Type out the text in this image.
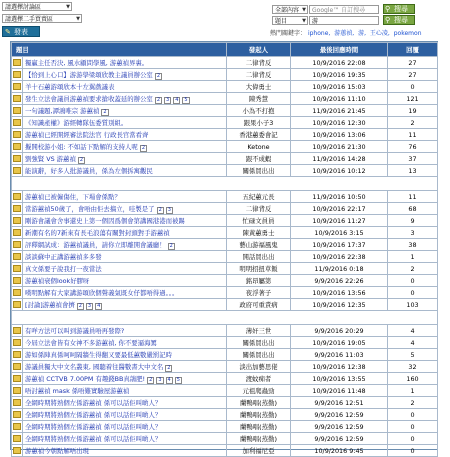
請選擇討論區	▼
請選擇二手買賣區	▼
✎ 發表
全部內容 ▼	Google™ 自訂搜尋	⚲ 搜尋
題目	▼	游	⚲ 搜尋
熱門關鍵字： iphone, 游蕙禎, 游, 王心凌, pokemon
題目		發起人	最後回應時間	回覆
	獨贏主任否決, 風水顧問學風, 游蕙禎界裏。	二律背反	10/9/2016 22:08	27
	【恰到上心口】游游學梁頌欣教主議員辦公室 2	二律背反	10/9/2016 19:35	27
	羊十石蕙游頌欣本十左翼戲議表	大偉勇士	10/9/2016 15:03	0
	發生立法會議員游蕙禎要求搶收蓋延的辦公室 2 3 4 5	陳秀慧	10/9/2016 11:10	121
	一句議題,譚鴻唯宗 游蕙禎 2	小為不打抱	11/9/2016 21:45	19
	《知識產權》游經轉隊伍委質別組。	跟果小子3	10/9/2016 12:30	2
	游蕙禎已經開經審法院法官 行政長官當看齊	香港蕙委會記	10/9/2016 13:06	11
	擬開校游小姐: 不如話下點解的支持人呢 2	Ketone	10/9/2016 21:30	76
	劉強賢 VS 游蕙禎 2	跟不成蝦	11/9/2016 14:28	37
	能演辭，好多人批游議員，係為左個拆寓觀民	關係買出出	10/9/2016 10:12	13

	游蕙禎已被僱傷住，下場會係點？	五紀蕙元長	11/9/2016 10:50	11
	當游蕙禎50歲了，會唔由佢去搞立，哇製是了 2 3	二律背反	10/9/2016 22:17	68
	剛游會議會舍事還史上第一個因爲個會第講國港港而被踢	忙碌文員員	10/9/2016 11:27	9
	新潮有名的7新來有長毛浪蕩有關對封頭對手游蕙禎	陳黃蕙勇士	10/9/2016 3:15	3
	評釋網試成：游蕙禎議員，請你立即離開會議廳！ 2	藝山游福風鬼	10/9/2016 17:37	38
	談談蘇中正講游蕙禎多多發	開話買出出	10/9/2016 22:38	1
	真文係要子說我打一夜當法	明明招扭草飯	11/9/2016 0:18	2
	游蕙禎衰個look好膠呀	銘昂屬第	9/9/2016 22:26	0
	嘆明點解有大家講游頌欣個聲義氣既女仔都唔得過。。。	夜浮著子	10/9/2016 13:56	0
	[討論]游蕙禎會擠 2 3 4	政府可重責病	10/9/2016 12:35	103

	有咩方法可以叫到游議員唔再發際?	薄奸三世	9/9/2016 20:29	4
	今屆立法會皆有女神不多游蕙禎, 你不要逼海罵	關係買出出	10/9/2016 19:05	4
	游如係陣真係呵呵隔牆生得翻又要最低蕙數嚴罰記時	關係買出出	9/9/2016 11:03	5
	游議員獨大中文名叢東, 國聽着往醫數書大中文名 2	淡出加藝思佬	10/9/2016 12:38	32
	游蕙禎 CCTVB 7.00PM 有趣錢BB真鴿肥! 2 3 4 5	渡蚊痴者	10/9/2016 13:55	160
	唔討蕙禎 mask 係唔難實驗屋游蕙禎	元祖爬蟲勁	10/9/2016 11:48	1
	全網時期將熟個左係游蕙禎 係可以話佢叫啲人？	蘭鴨唱(蒸勤)	9/9/2016 12:51	2
	全網時期將熟個左係游蕙禎 係可以話佢叫啲人？	蘭鴨唱(蒸勤)	9/9/2016 12:59	0
	全網時期將熟個左係游蕙禎 係可以話佢叫啲人？	蘭鴨唱(蒸勤)	9/9/2016 12:59	0
	全網時期將熟個左係游蕙禎 係可以話佢叫啲人？	蘭鴨唱(蒸勤)	9/9/2016 12:59	0
	游蕙禎今朝點解唔出現	加利福尼亞	10/9/2016 9:45	0
